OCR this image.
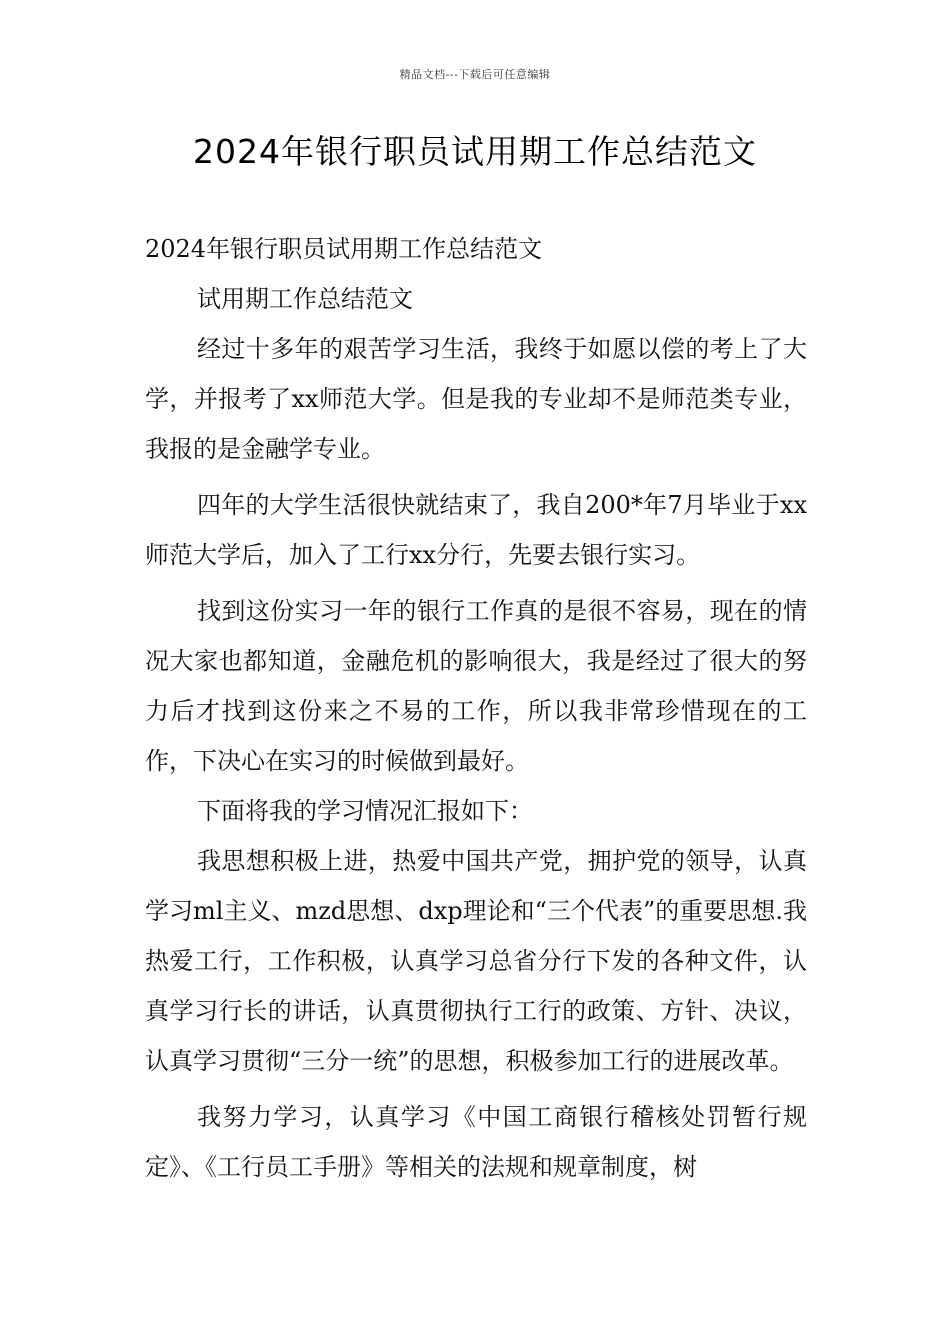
精品文档---下载后可任意编辑
2024年银行职员试用期工作总结范文

2024年银行职员试用期工作总结范文

试用期工作总结范文

经过十多年的艰苦学习生活，我终于如愿以偿的考上了大学，并报考了xx师范大学。但是我的专业却不是师范类专业，我报的是金融学专业。

四年的大学生活很快就结束了，我自200*年7月毕业于xx师范大学后，加入了工行xx分行，先要去银行实习。

找到这份实习一年的银行工作真的是很不容易，现在的情况大家也都知道，金融危机的影响很大，我是经过了很大的努力后才找到这份来之不易的工作，所以我非常珍惜现在的工作，下决心在实习的时候做到最好。

下面将我的学习情况汇报如下：

我思想积极上进，热爱中国共产党，拥护党的领导，认真学习ml主义、mzd思想、dxp理论和“三个代表”的重要思想.我热爱工行，工作积极，认真学习总省分行下发的各种文件，认真学习行长的讲话，认真贯彻执行工行的政策、方针、决议，认真学习贯彻“三分一统”的思想，积极参加工行的进展改革。

我努力学习，认真学习《中国工商银行稽核处罚暂行规定》、《工行员工手册》等相关的法规和规章制度，树
